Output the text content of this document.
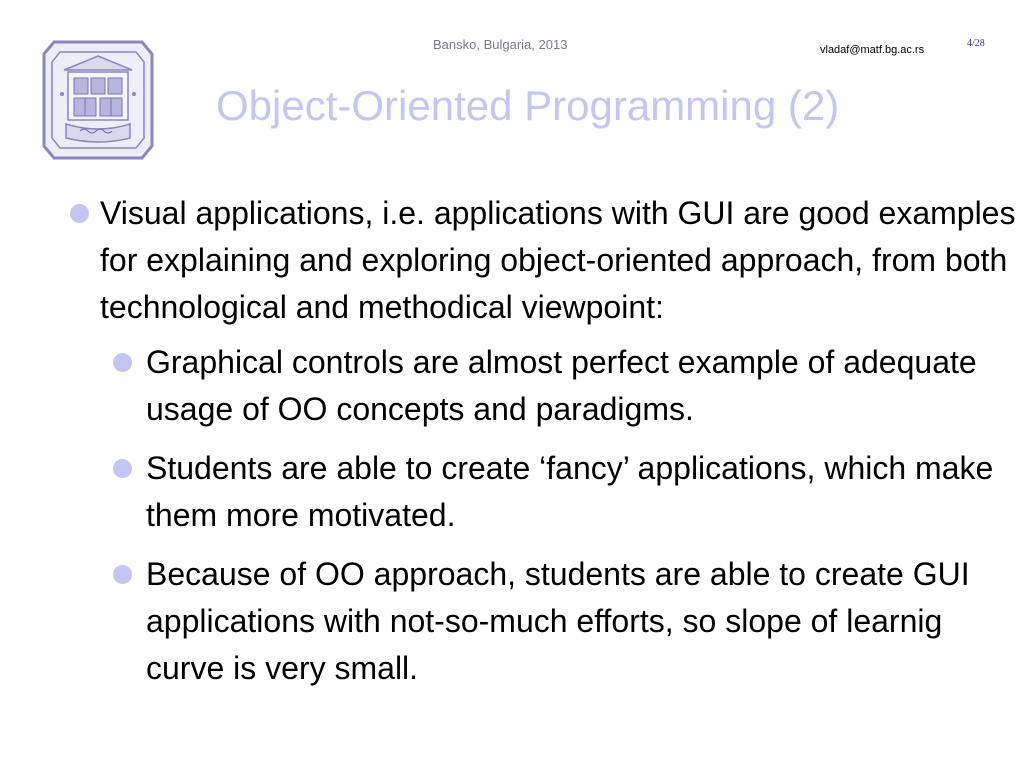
Bansko, Bulgaria, 2013	vladaf@matf.bg.ac.rs
4/28
Object-Oriented Programming (2)
Visual applications, i.e. applications with GUI are good examples for explaining and exploring object-oriented approach, from both technological and methodical viewpoint:
Graphical controls are almost perfect example of adequate usage of OO concepts and paradigms.
Students are able to create ‘fancy’ applications, which make them more motivated.
Because of OO approach, students are able to create GUI applications with not-so-much efforts, so slope of learnig curve is very small.
